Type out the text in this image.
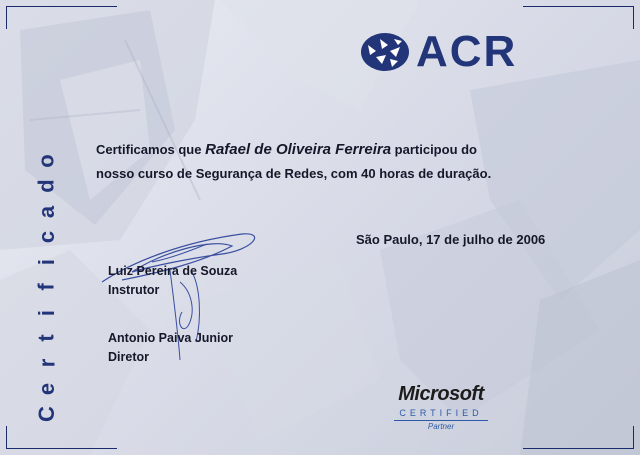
o
d
a
c
i
f
i
t
r
e
C
ACR
Certificamos que Rafael de Oliveira Ferreira participou do
nosso curso de Segurança de Redes, com 40 horas de duração.
São Paulo, 17 de julho de 2006
Luiz Pereira de Souza
Instrutor
Antonio Paiva Junior
Diretor
Microsoft
CERTIFIED
Partner
